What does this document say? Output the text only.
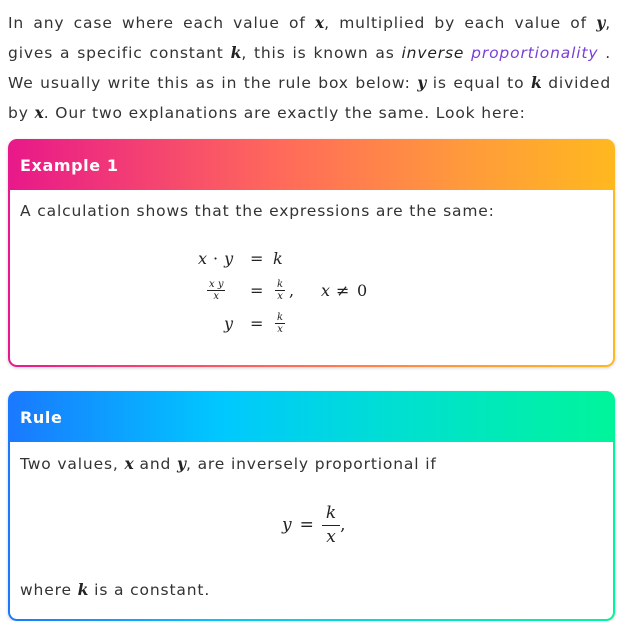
In any case where each value of x, multiplied by each value of y, gives a specific constant k, this is known as inverse proportionality . We usually write this as in the rule box below: y is equal to k divided by x. Our two explanations are exactly the same. Look here:
Example 1
A calculation shows that the expressions are the same:
x · y = k
$\frac{\text{x y}}{x} = \frac{k}{x}$ , x ≠ 0
$y = \frac{k}{x}$
Rule
Two values, x and y, are inversely proportional if
$y = \frac{k}{x}$ ,
where k is a constant.
